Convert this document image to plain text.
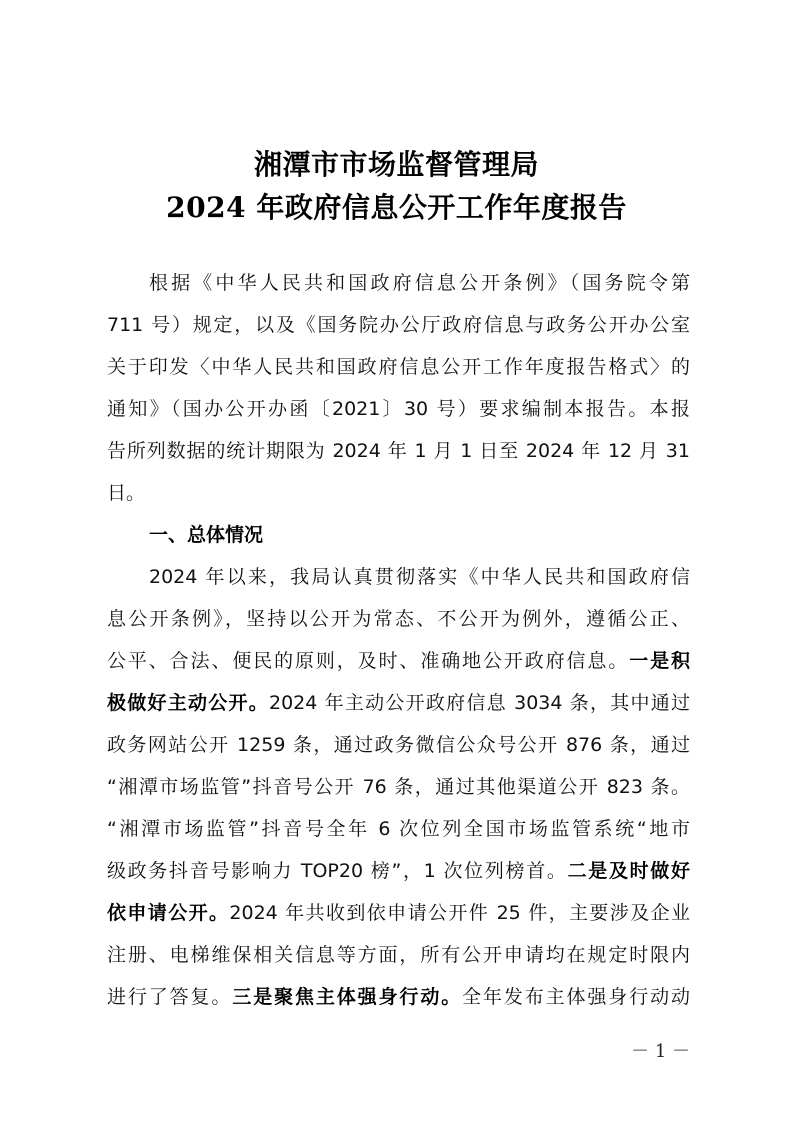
湘潭市市场监督管理局
2024 年政府信息公开工作年度报告
根据《中华人民共和国政府信息公开条例》（国务院令第
711 号）规定，以及《国务院办公厅政府信息与政务公开办公室
关于印发〈中华人民共和国政府信息公开工作年度报告格式〉的
通知》（国办公开办函〔2021〕30 号）要求编制本报告。本报
告所列数据的统计期限为 2024 年 1 月 1 日至 2024 年 12 月 31
日。
一、总体情况
2024 年以来，我局认真贯彻落实《中华人民共和国政府信
息公开条例》，坚持以公开为常态、不公开为例外，遵循公正、
公平、合法、便民的原则，及时、准确地公开政府信息。一是积
极做好主动公开。2024 年主动公开政府信息 3034 条，其中通过
政务网站公开 1259 条，通过政务微信公众号公开 876 条，通过
“湘潭市场监管”抖音号公开 76 条，通过其他渠道公开 823 条。
“湘潭市场监管”抖音号全年 6 次位列全国市场监管系统“地市
级政务抖音号影响力 TOP20 榜”，1 次位列榜首。二是及时做好
依申请公开。2024 年共收到依申请公开件 25 件，主要涉及企业
注册、电梯维保相关信息等方面，所有公开申请均在规定时限内
进行了答复。三是聚焦主体强身行动。全年发布主体强身行动动
－ 1 －
